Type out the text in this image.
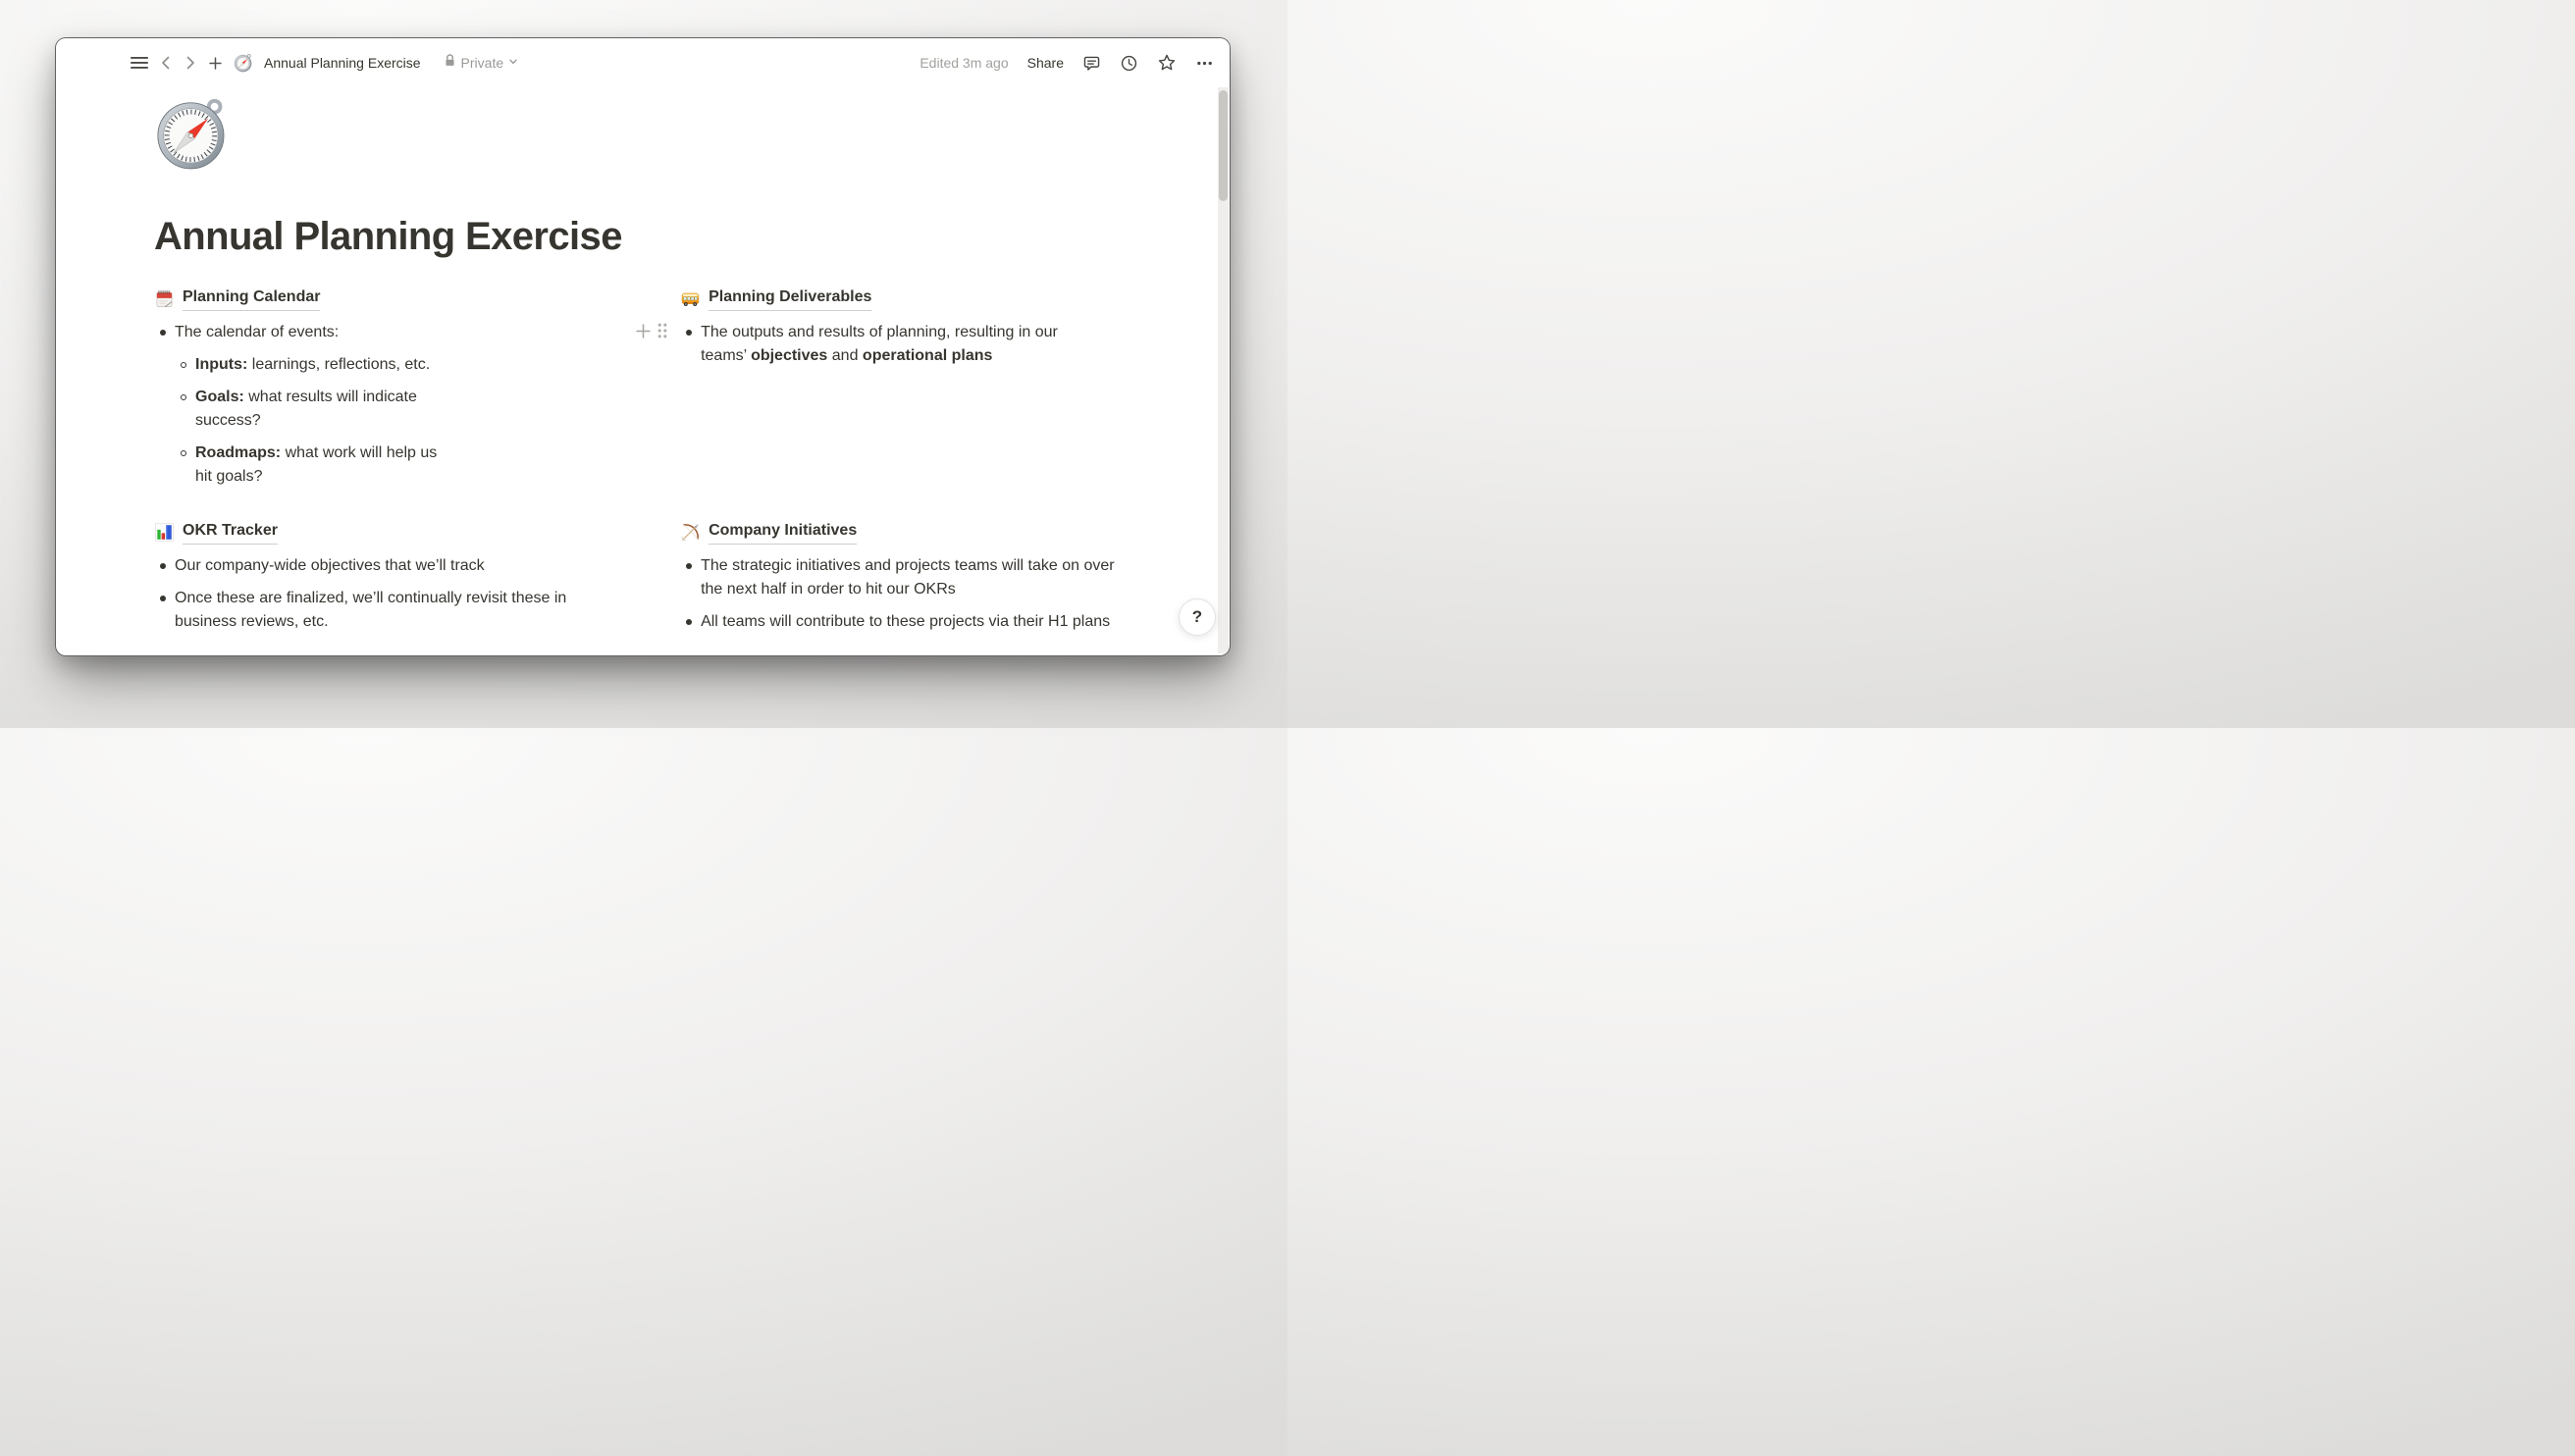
Annual Planning Exercise	Private	Edited 3m ago Share
Annual Planning Exercise
Planning Calendar
The calendar of events:
Inputs: learnings, reflections, etc.
Goals: what results will indicate success?
Roadmaps: what work will help us hit goals?
Planning Deliverables
The outputs and results of planning, resulting in our teams’ objectives and operational plans
OKR Tracker
Our company-wide objectives that we’ll track
Once these are finalized, we’ll continually revisit these in business reviews, etc.
Company Initiatives
The strategic initiatives and projects teams will take on over the next half in order to hit our OKRs
All teams will contribute to these projects via their H1 plans	?
